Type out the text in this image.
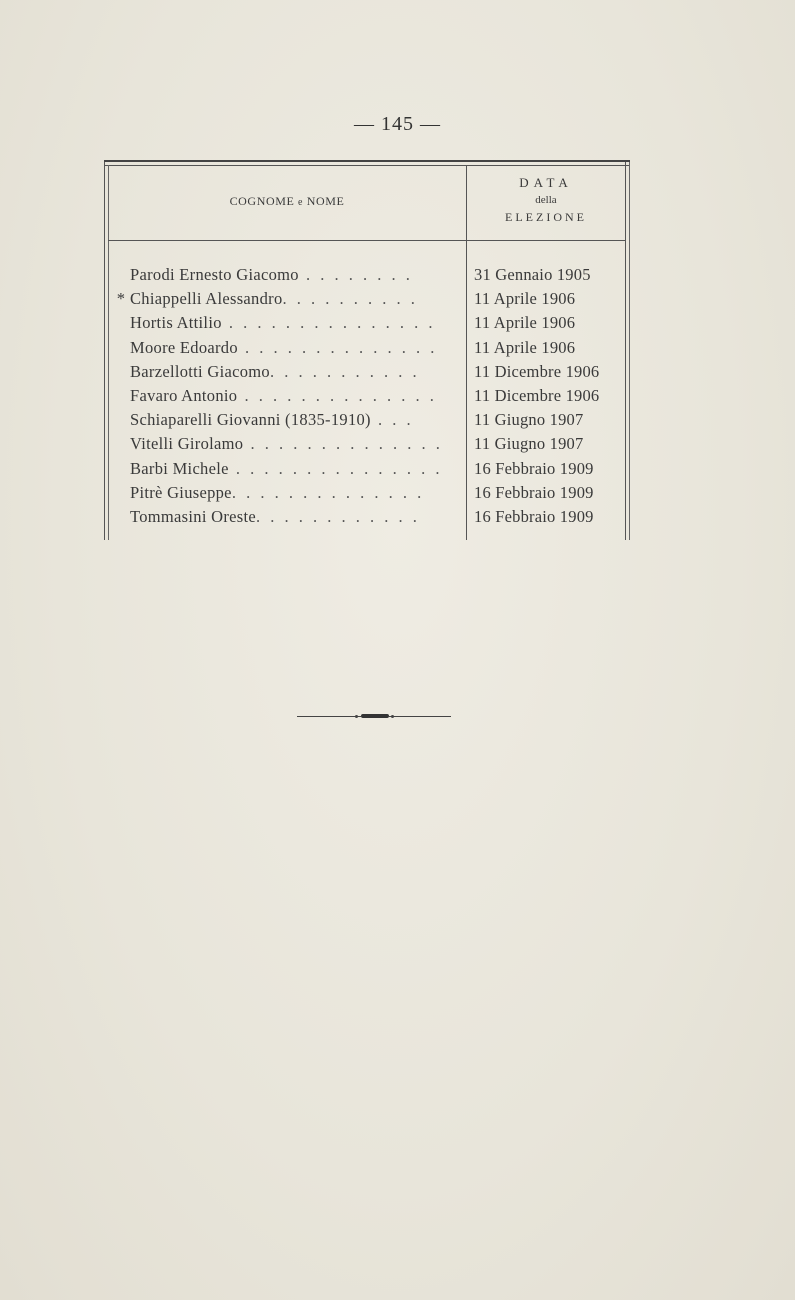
— 145 —
COGNOME e NOME
DATA
della
ELEZIONE
Parodi Ernesto Giacomo . . . . . . . .	31 Gennaio 1905
* Chiappelli Alessandro. . . . . . . . . .	11 Aprile 1906
Hortis Attilio . . . . . . . . . . . . . . .	11 Aprile 1906
Moore Edoardo . . . . . . . . . . . . . .	11 Aprile 1906
Barzellotti Giacomo. . . . . . . . . . .	11 Dicembre 1906
Favaro Antonio . . . . . . . . . . . . . .	11 Dicembre 1906
Schiaparelli Giovanni (1835-1910) . . .	11 Giugno 1907
Vitelli Girolamo . . . . . . . . . . . . . .	11 Giugno 1907
Barbi Michele . . . . . . . . . . . . . . .	16 Febbraio 1909
Pitrè Giuseppe. . . . . . . . . . . . . .	16 Febbraio 1909
Tommasini Oreste. . . . . . . . . . . .	16 Febbraio 1909
